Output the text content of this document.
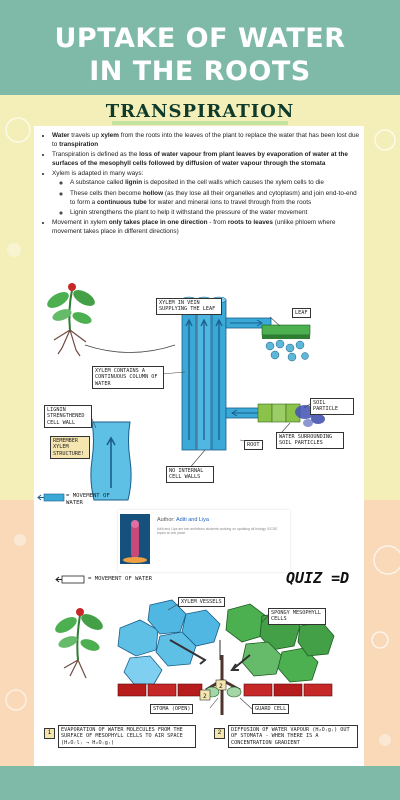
UPTAKE OF WATER
IN THE ROOTS
TRANSPIRATION
• Water travels up xylem from the roots into the leaves of the plant to replace the water that has been lost due to transpiration
• Transpiration is defined as the loss of water vapour from plant leaves by evaporation of water at the surfaces of the mesophyll cells followed by diffusion of water vapour through the stomata
• Xylem is adapted in many ways:
◦ A substance called lignin is deposited in the cell walls which causes the xylem cells to die
◦ These cells then become hollow (as they lose all their organelles and cytoplasm) and join end-to-end to form a continuous tube for water and mineral ions to travel through from the roots
◦ Lignin strengthens the plant to help it withstand the pressure of the water movement
• Movement in xylem only takes place in one direction - from roots to leaves (unlike phloem where movement takes place in different directions)
XYLEM IN VEIN SUPPLYING THE LEAF
LEAF
XYLEM CONTAINS A CONTINUOUS COLUMN OF WATER
LIGNIN STRENGTHENED CELL WALL
REMEMBER XYLEM STRUCTURE!
SOIL PARTICLE
WATER SURROUNDING SOIL PARTICLES
ROOT
NO INTERNAL CELL WALLS
= MOVEMENT OF WATER
Author: Aditi and Liya
Aditi and Liya are two ambitious students working on updating all biology IGCSE topics at one place
QUIZ =D
2
2
= MOVEMENT OF WATER
XYLEM VESSELS
SPONGY MESOPHYLL CELLS
STOMA (OPEN)	GUARD CELL
1	EVAPORATION OF WATER MOLECULES FROM THE SURFACE OF MESOPHYLL CELLS TO AIR SPACE (H₂O₍l₎ → H₂O₍g₎)
2	DIFFUSION OF WATER VAPOUR (H₂O₍g₎) OUT OF STOMATA - WHEN THERE IS A CONCENTRATION GRADIENT
